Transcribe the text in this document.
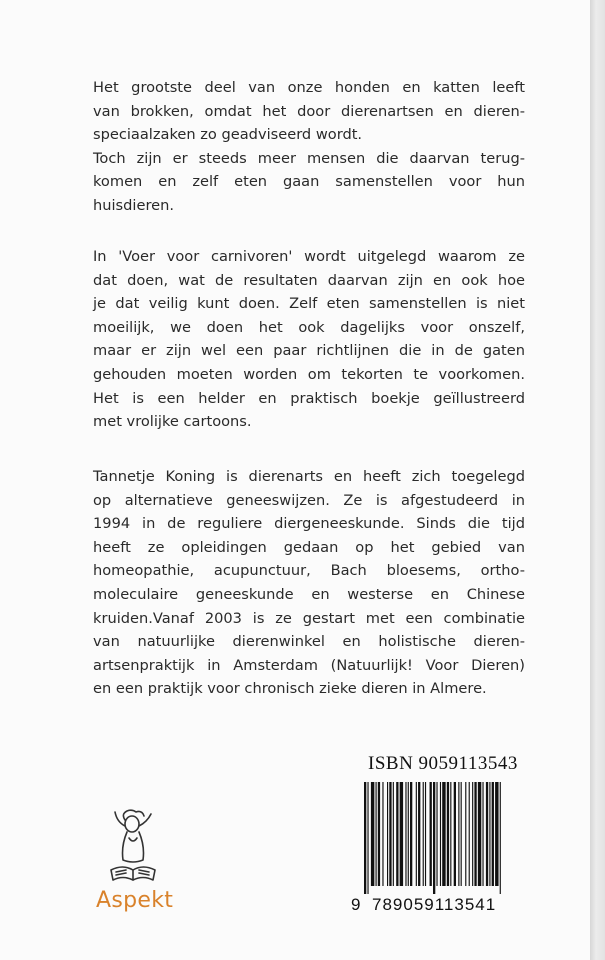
Het grootste deel van onze honden en katten leeft
van brokken, omdat het door dierenartsen en dieren-
speciaalzaken zo geadviseerd wordt.
Toch zijn er steeds meer mensen die daarvan terug-
komen en zelf eten gaan samenstellen voor hun
huisdieren.
In 'Voer voor carnivoren' wordt uitgelegd waarom ze
dat doen, wat de resultaten daarvan zijn en ook hoe
je dat veilig kunt doen. Zelf eten samenstellen is niet
moeilijk, we doen het ook dagelijks voor onszelf,
maar er zijn wel een paar richtlijnen die in de gaten
gehouden moeten worden om tekorten te voorkomen.
Het is een helder en praktisch boekje geïllustreerd
met vrolijke cartoons.
Tannetje Koning is dierenarts en heeft zich toegelegd
op alternatieve geneeswijzen. Ze is afgestudeerd in
1994 in de reguliere diergeneeskunde. Sinds die tijd
heeft ze opleidingen gedaan op het gebied van
homeopathie, acupunctuur, Bach bloesems, ortho-
moleculaire geneeskunde en westerse en Chinese
kruiden.Vanaf 2003 is ze gestart met een combinatie
van natuurlijke dierenwinkel en holistische dieren-
artsenpraktijk in Amsterdam (Natuurlijk! Voor Dieren)
en een praktijk voor chronisch zieke dieren in Almere.
ISBN 9059113543
9 789059113541
Aspekt
